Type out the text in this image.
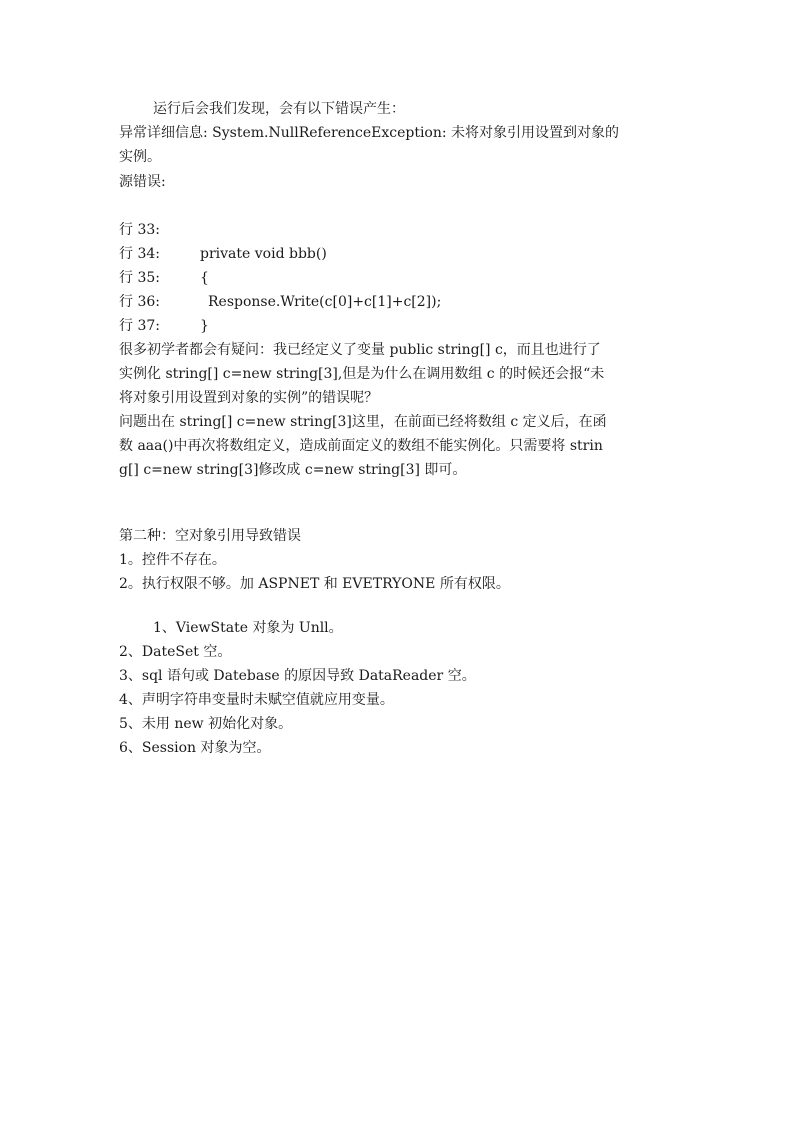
运行后会我们发现，会有以下错误产生：
异常详细信息: System.NullReferenceException: 未将对象引用设置到对象的
实例。
源错误:

行 33:

private void bbb()

行 34:

{

行 35:

Response.Write(c[0]+c[1]+c[2]);

行 36:

}

行 37:

很多初学者都会有疑问：我已经定义了变量 public string[] c，而且也进行了
实例化 string[] c=new string[3],但是为什么在调用数组 c 的时候还会报“未
将对象引用设置到对象的实例”的错误呢？
问题出在 string[] c=new string[3]这里，在前面已经将数组 c 定义后，在函
数 aaa()中再次将数组定义，造成前面定义的数组不能实例化。只需要将 strin
g[] c=new string[3]修改成 c=new string[3] 即可。
第二种：空对象引用导致错误
1。控件不存在。
2。执行权限不够。加 ASPNET 和 EVETRYONE 所有权限。
1、ViewState 对象为 Unll。
2、DateSet 空。
3、sql 语句或 Datebase 的原因导致 DataReader 空。
4、声明字符串变量时未赋空值就应用变量。
5、未用 new 初始化对象。
6、Session 对象为空。
